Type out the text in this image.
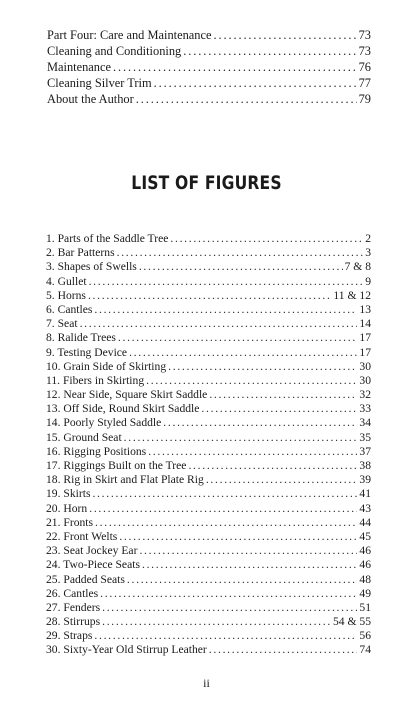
Part Four: Care and Maintenance . . .	73
Cleaning and Conditioning . . .	73
Maintenance . . .	76
Cleaning Silver Trim . . .	77
About the Author . . .	79
LIST OF FIGURES
1. Parts of the Saddle Tree . . .	2
2. Bar Patterns . . .	3
3. Shapes of Swells . . .	7 & 8
4. Gullet . . .	9
5. Horns . . .	11 & 12
6. Cantles . . .	13
7. Seat . . .	14
8. Ralide Trees . . .	17
9. Testing Device . . .	17
10. Grain Side of Skirting . . .	30
11. Fibers in Skirting . . .	30
12. Near Side, Square Skirt Saddle . . .	32
13. Off Side, Round Skirt Saddle . . .	33
14. Poorly Styled Saddle . . .	34
15. Ground Seat . . .	35
16. Rigging Positions . . .	37
17. Riggings Built on the Tree . . .	38
18. Rig in Skirt and Flat Plate Rig . . .	39
19. Skirts . . .	41
20. Horn . . .	43
21. Fronts . . .	44
22. Front Welts . . .	45
23. Seat Jockey Ear . . .	46
24. Two-Piece Seats . . .	46
25. Padded Seats . . .	48
26. Cantles . . .	49
27. Fenders . . .	51
28. Stirrups . . .	54 & 55
29. Straps . . .	56
30. Sixty-Year Old Stirrup Leather . . .	74
ii
